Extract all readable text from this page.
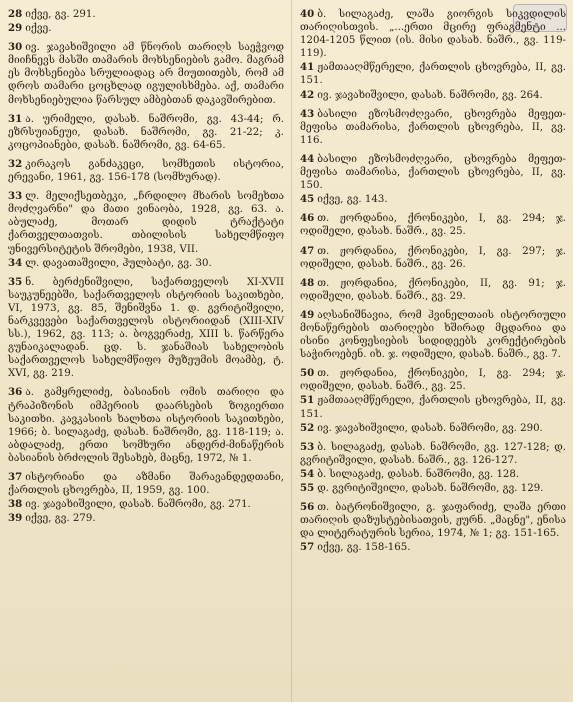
28 იქვე, გვ. 291.

29 იქვე.

30 ივ. ჯავახიშვილი ამ წნორის თარიღს საეჭვოდ მიიჩნევს მასში თამარის მოხსენიების გამო. მაგრამ ეს მოხსენიება სრულიადაც არ მიუთითებს, რომ ამ დროს თამარი ცოცხლად იგულისხმება. აქ, თამარი მოხსენიებულია წარსულ ამბებთან დაკავშირებით.

31 ა. ურიმელი, დასახ. ნაშრომი, გვ. 43-44; რ. ეზრსუიანეუი, დასახ. ნაშრომი, გვ. 21-22; კ. კოცოპიანები, დასახ. ნაშრომი, გვ. 64-65.

32 კირაკოს განძაკეცი, სომხეთის ისტორია, ერევანი, 1961, გვ. 156-178 (სომხურად).

33 ლ. მელიქსეთბეკი, „ჩრდილო მხარის სომეხთა მოძღვარნი" და მათი ვინაობა, 1928, გვ. 63. ა. აბულაძე, მოთარ დიდის ტრაქტატი ქართველთათვის. თბილისის სახელმწიფო უნივერსიტეტის შრომები, 1938, VII.

34 ლ. დავათაშვილი, ჰულბატი, გვ. 30.

35 ნ. ბერძენიშვილი, საქართველოს XI-XVII საუკუნეებში, საქართველოს ისტორიის საკითხები, VI, 1973, გვ. 85, შენიშვნა 1. დ. გვრიტიშვილი, ნარკვევები საქართველოს ისტორიიდან (XIII-XIV სს.), 1962, გვ. 113; ა. ბოგვერაძე, XIII ს. წარწერა გუნაიკალადან. ცდ. ს. ჯანაშიას სახელობის საქართველოს სახელმწიფო მუზეუმის მოამბე, ტ. XVI, გვ. 219.

36 ა. გამყრელიძე, ბასიანის ომის თარიღი და ტრაპიზონის იმპერიის დაარსების ზოგიერთი საკითხი. კავკასიის ხალხთა ისტორიის საკითხები, 1966; ბ. სილაგაძე, დასახ. ნაშრომი, გვ. 118-119; ა. აბდალაძე, ერთი სომხური ანდერძ-მინაწერის ბასიანის ბრძოლის შესახებ, მაცნე, 1972, № 1.

37 ისტორიანი და აზმანი შარავანდედთანი, ქართლის ცხოვრება, II, 1959, გვ. 100.

38 ივ. ჯავახიშვილი, დასახ. ნაშრომი, გვ. 271.

39 იქვე, გვ. 279.

40 ბ. სილაგაძე, ლაშა გიორგის სიკვდილის თარიღისთვის. „...ერთი მცირე ფრაგმენტი ... 1204-1205 წლით (ის. მისი დასახ. ნაშრ., გვ. 119-119).

41 ჟამთააღმწერელი, ქართლის ცხოვრება, II, გვ. 151.

42 ივ. ჯავახიშვილი, დასახ. ნაშრომი, გვ. 264.

43 ბასილი ეზოსმოძღვარი, ცხოვრება მეფეთ-მეფისა თამარისა, ქართლის ცხოვრება, II, გვ. 116.

44 ბასილი ეზოსმოძღვარი, ცხოვრება მეფეთ-მეფისა თამარისა, ქართლის ცხოვრება, II, გვ. 150.

45 იქვე, გვ. 143.

46 თ. ჟორდანია, ქრონიკები, I, გვ. 294; ჯ. ოდიშელი, დასახ. ნაშრ., გვ. 25.

47 თ. ჟორდანია, ქრონიკები, I, გვ. 297; ჯ. ოდიშელი, დასახ. ნაშრ., გვ. 26.

48 თ. ჟორდანია, ქრონიკები, II, გვ. 91; ჯ. ოდიშელი, დასახ. ნაშრ., გვ. 29.

49 აღსანიშნავია, რომ ჰვინელთაის ისტორიული მონაწერების თარიღები ხშირად მცდარია და ისინი კონფესიების სიდიდეებს კორექტირების საჭიროებენ. იხ. ჯ. ოდიშელი, დასახ. ნაშრ., გვ. 7.

50 თ. ჟორდანია, ქრონიკები, I, გვ. 294; ჯ. ოდიშელი, დასახ. ნაშრ., გვ. 25.

51 ჟამთააღმწერელი, ქართლის ცხოვრება, II, გვ. 151.

52 ივ. ჯავახიშვილი, დასახ. ნაშრომი, გვ. 290.

53 ბ. სილაგაძე, დასახ. ნაშრომი, გვ. 127-128; დ. გვრიტიშვილი, დასახ. ნაშრ., გვ. 126-127.

54 ბ. სილაგაძე, დასახ. ნაშრომი, გვ. 128.

55 დ. გვრიტიშვილი, დასახ. ნაშრომი, გვ. 129.

56 თ. ბატრონიშვილი, გ. ჯაფარიძე, ლაშა ერთი თარიღის დაზუსტებისათვის, ჟურნ. „მაცნე", ენისა და ლიტერატურის სერია, 1974, № 1; გვ. 151-165.

57 იქვე, გვ. 158-165.
